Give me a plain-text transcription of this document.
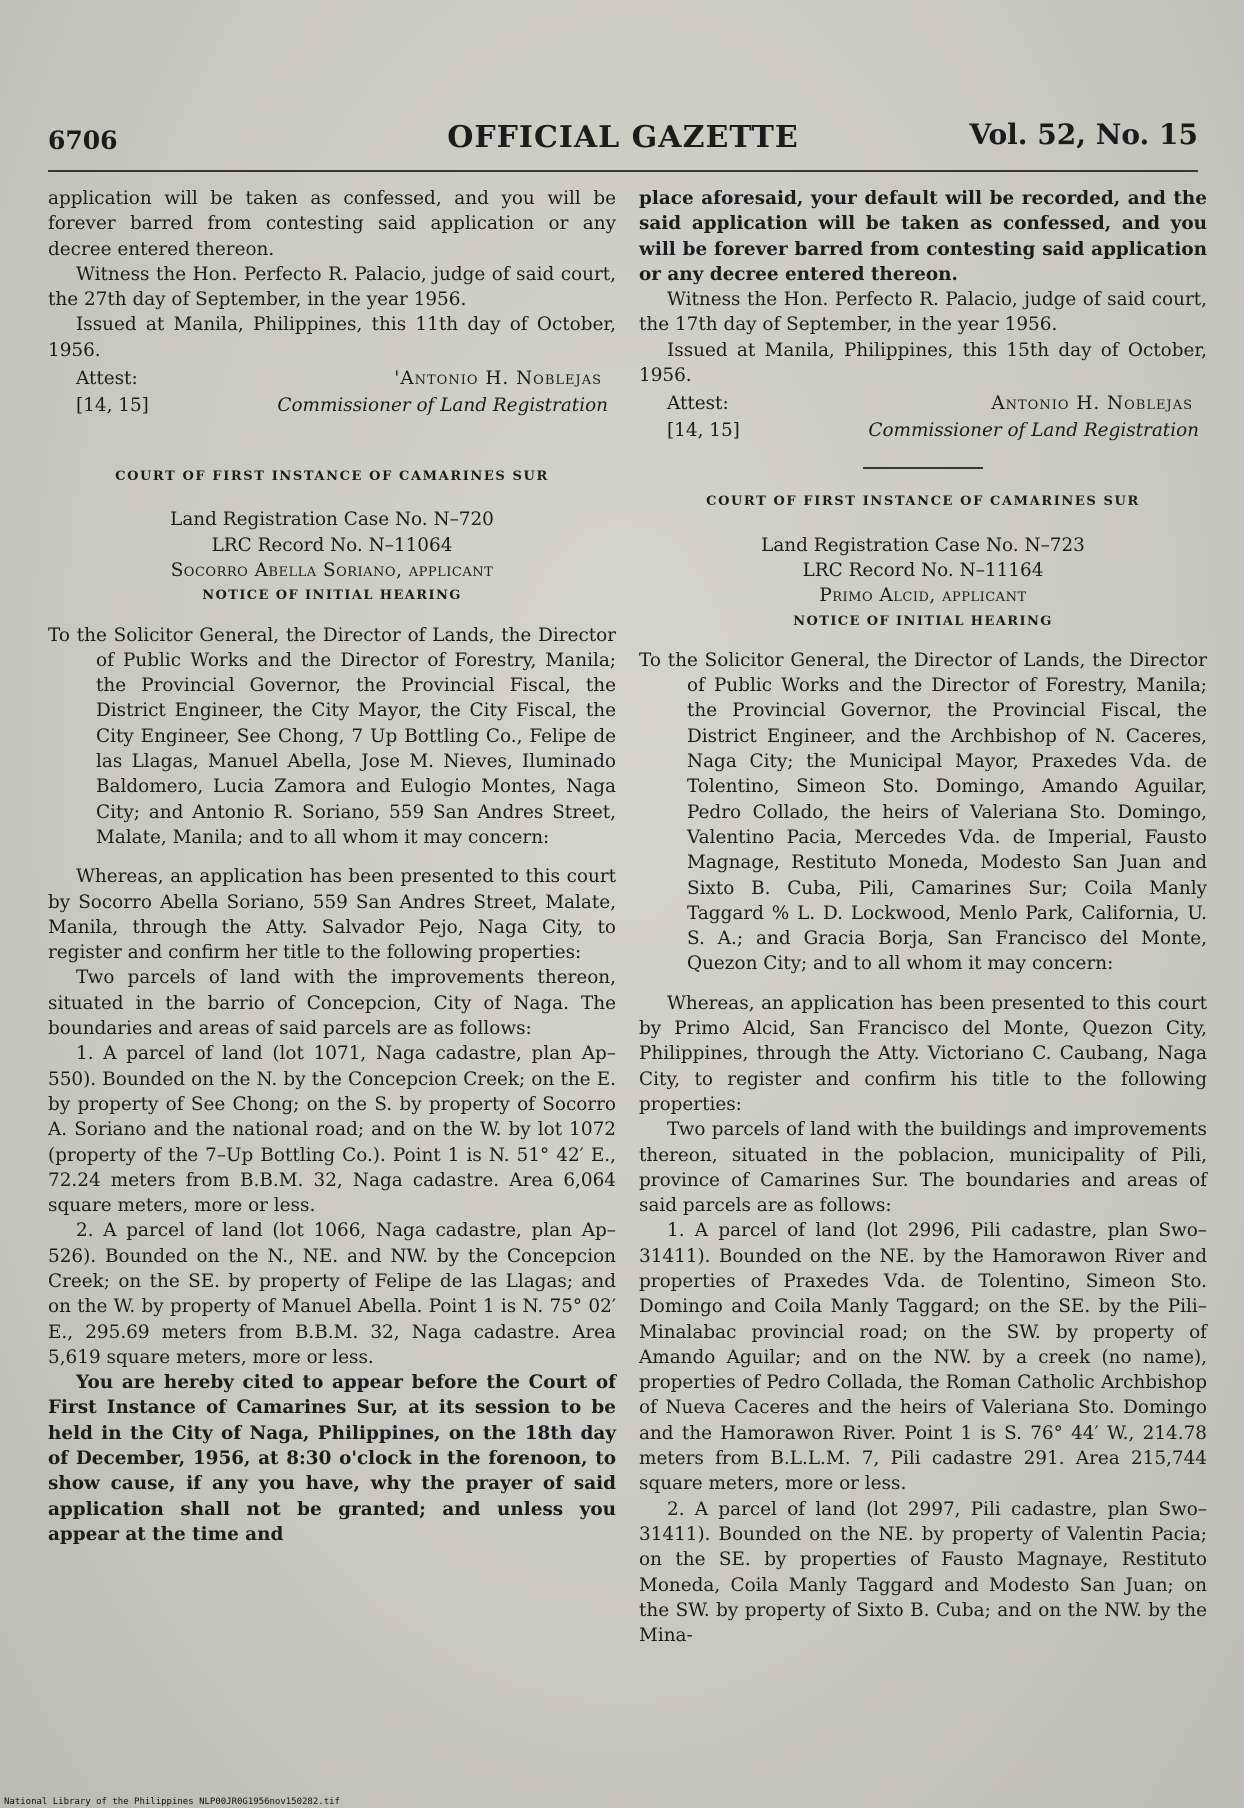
6706	OFFICIAL GAZETTE	Vol. 52, No. 15

application will be taken as confessed, and you will be forever barred from contesting said application or any decree entered thereon.

Witness the Hon. Perfecto R. Palacio, judge of said court, the 27th day of September, in the year 1956.

Issued at Manila, Philippines, this 11th day of October, 1956.

Attest:	'Antonio H. Noblejas
[14, 15]	Commissioner of Land Registration
COURT OF FIRST INSTANCE OF CAMARINES SUR

Land Registration Case No. N–720

LRC Record No. N–11064

Socorro Abella Soriano, applicant

NOTICE OF INITIAL HEARING

To the Solicitor General, the Director of Lands, the Director of Public Works and the Director of Forestry, Manila; the Provincial Governor, the Provincial Fiscal, the District Engineer, the City Mayor, the City Fiscal, the City Engineer, See Chong, 7 Up Bottling Co., Felipe de las Llagas, Manuel Abella, Jose M. Nieves, Iluminado Baldomero, Lucia Zamora and Eulogio Montes, Naga City; and Antonio R. Soriano, 559 San Andres Street, Malate, Manila; and to all whom it may concern:

Whereas, an application has been presented to this court by Socorro Abella Soriano, 559 San Andres Street, Malate, Manila, through the Atty. Salvador Pejo, Naga City, to register and confirm her title to the following properties:

Two parcels of land with the improvements thereon, situated in the barrio of Concepcion, City of Naga. The boundaries and areas of said parcels are as follows:

1. A parcel of land (lot 1071, Naga cadastre, plan Ap–550). Bounded on the N. by the Concepcion Creek; on the E. by property of See Chong; on the S. by property of Socorro A. Soriano and the national road; and on the W. by lot 1072 (property of the 7–Up Bottling Co.). Point 1 is N. 51° 42′ E., 72.24 meters from B.B.M. 32, Naga cadastre. Area 6,064 square meters, more or less.

2. A parcel of land (lot 1066, Naga cadastre, plan Ap–526). Bounded on the N., NE. and NW. by the Concepcion Creek; on the SE. by property of Felipe de las Llagas; and on the W. by property of Manuel Abella. Point 1 is N. 75° 02′ E., 295.69 meters from B.B.M. 32, Naga cadastre. Area 5,619 square meters, more or less.

You are hereby cited to appear before the Court of First Instance of Camarines Sur, at its session to be held in the City of Naga, Philippines, on the 18th day of December, 1956, at 8:30 o'clock in the forenoon, to show cause, if any you have, why the prayer of said application shall not be granted; and unless you appear at the time and

place aforesaid, your default will be recorded, and the said application will be taken as confessed, and you will be forever barred from contesting said application or any decree entered thereon.

Witness the Hon. Perfecto R. Palacio, judge of said court, the 17th day of September, in the year 1956.

Issued at Manila, Philippines, this 15th day of October, 1956.

Attest:	Antonio H. Noblejas
[14, 15]	Commissioner of Land Registration
COURT OF FIRST INSTANCE OF CAMARINES SUR

Land Registration Case No. N–723

LRC Record No. N–11164

Primo Alcid, applicant

NOTICE OF INITIAL HEARING

To the Solicitor General, the Director of Lands, the Director of Public Works and the Director of Forestry, Manila; the Provincial Governor, the Provincial Fiscal, the District Engineer, and the Archbishop of N. Caceres, Naga City; the Municipal Mayor, Praxedes Vda. de Tolentino, Simeon Sto. Domingo, Amando Aguilar, Pedro Collado, the heirs of Valeriana Sto. Domingo, Valentino Pacia, Mercedes Vda. de Imperial, Fausto Magnage, Restituto Moneda, Modesto San Juan and Sixto B. Cuba, Pili, Camarines Sur; Coila Manly Taggard % L. D. Lockwood, Menlo Park, California, U. S. A.; and Gracia Borja, San Francisco del Monte, Quezon City; and to all whom it may concern:

Whereas, an application has been presented to this court by Primo Alcid, San Francisco del Monte, Quezon City, Philippines, through the Atty. Victoriano C. Caubang, Naga City, to register and confirm his title to the following properties:

Two parcels of land with the buildings and improvements thereon, situated in the poblacion, municipality of Pili, province of Camarines Sur. The boundaries and areas of said parcels are as follows:

1. A parcel of land (lot 2996, Pili cadastre, plan Swo–31411). Bounded on the NE. by the Hamorawon River and properties of Praxedes Vda. de Tolentino, Simeon Sto. Domingo and Coila Manly Taggard; on the SE. by the Pili–Minalabac provincial road; on the SW. by property of Amando Aguilar; and on the NW. by a creek (no name), properties of Pedro Collada, the Roman Catholic Archbishop of Nueva Caceres and the heirs of Valeriana Sto. Domingo and the Hamorawon River. Point 1 is S. 76° 44′ W., 214.78 meters from B.L.L.M. 7, Pili cadastre 291. Area 215,744 square meters, more or less.

2. A parcel of land (lot 2997, Pili cadastre, plan Swo–31411). Bounded on the NE. by property of Valentin Pacia; on the SE. by properties of Fausto Magnaye, Restituto Moneda, Coila Manly Taggard and Modesto San Juan; on the SW. by property of Sixto B. Cuba; and on the NW. by the Mina-

National Library of the Philippines NLP00JR0G1956nov150282.tif
